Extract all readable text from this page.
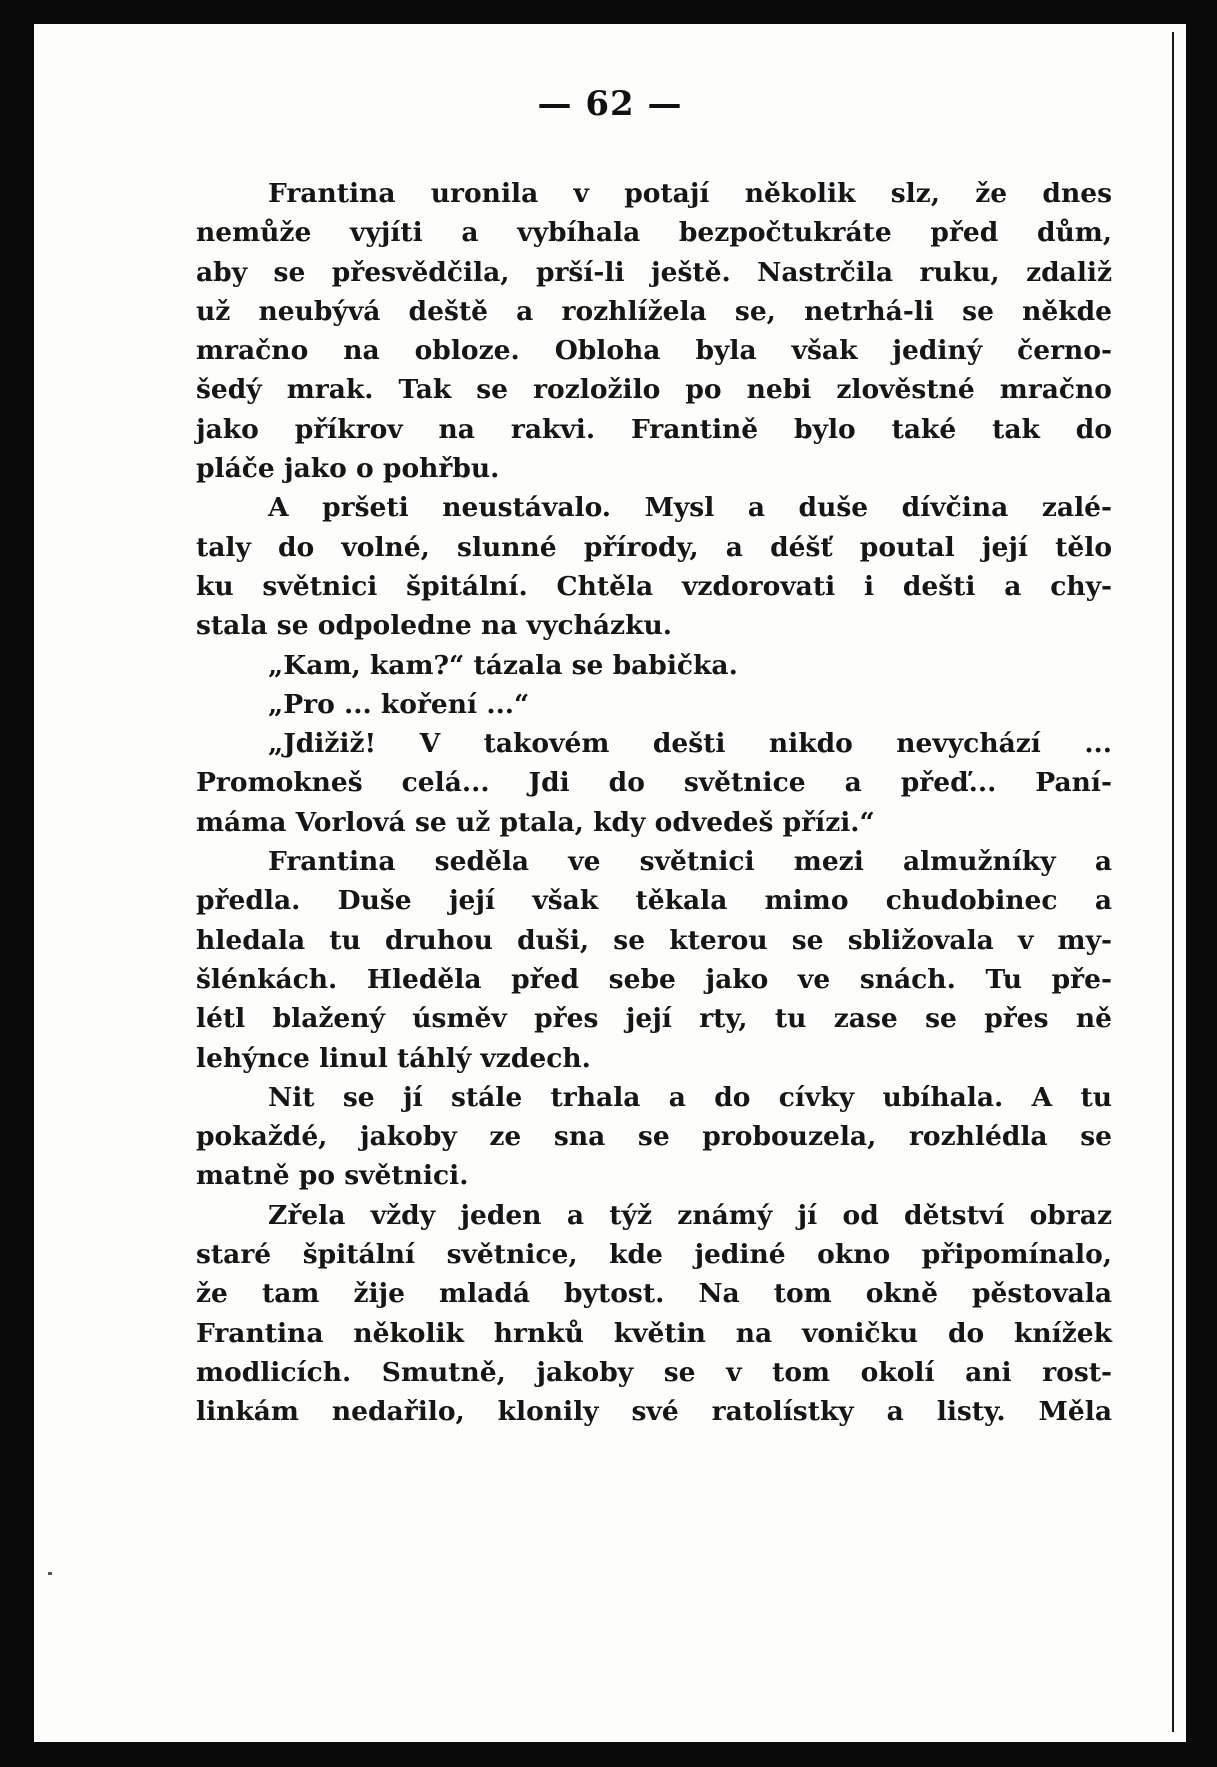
— 62 —
Frantina uronila v potají několik slz, že dnes
nemůže vyjíti a vybíhala bezpočtukráte před dům,
aby se přesvědčila, prší-li ještě. Nastrčila ruku, zdaliž
už neubývá deště a rozhlížela se, netrhá-li se někde
mračno na obloze. Obloha byla však jediný černo-
šedý mrak. Tak se rozložilo po nebi zlověstné mračno
jako příkrov na rakvi. Frantině bylo také tak do
pláče jako o pohřbu.
A pršeti neustávalo. Mysl a duše dívčina zalé-
taly do volné, slunné přírody, a déšť poutal její tělo
ku světnici špitální. Chtěla vzdorovati i dešti a chy-
stala se odpoledne na vycházku.
„Kam, kam?“ tázala se babička.
„Pro ... koření ...“
„Jdižiž! V takovém dešti nikdo nevychází ...
Promokneš celá... Jdi do světnice a přeď... Paní-
máma Vorlová se už ptala, kdy odvedeš přízi.“
Frantina seděla ve světnici mezi almužníky a
předla. Duše její však těkala mimo chudobinec a
hledala tu druhou duši, se kterou se sbližovala v my-
šlénkách. Hleděla před sebe jako ve snách. Tu pře-
létl blažený úsměv přes její rty, tu zase se přes ně
lehýnce linul táhlý vzdech.
Nit se jí stále trhala a do cívky ubíhala. A tu
pokaždé, jakoby ze sna se probouzela, rozhlédla se
matně po světnici.
Zřela vždy jeden a týž známý jí od dětství obraz
staré špitální světnice, kde jediné okno připomínalo,
že tam žije mladá bytost. Na tom okně pěstovala
Frantina několik hrnků květin na voničku do knížek
modlicích. Smutně, jakoby se v tom okolí ani rost-
linkám nedařilo, klonily své ratolístky a listy. Měla
